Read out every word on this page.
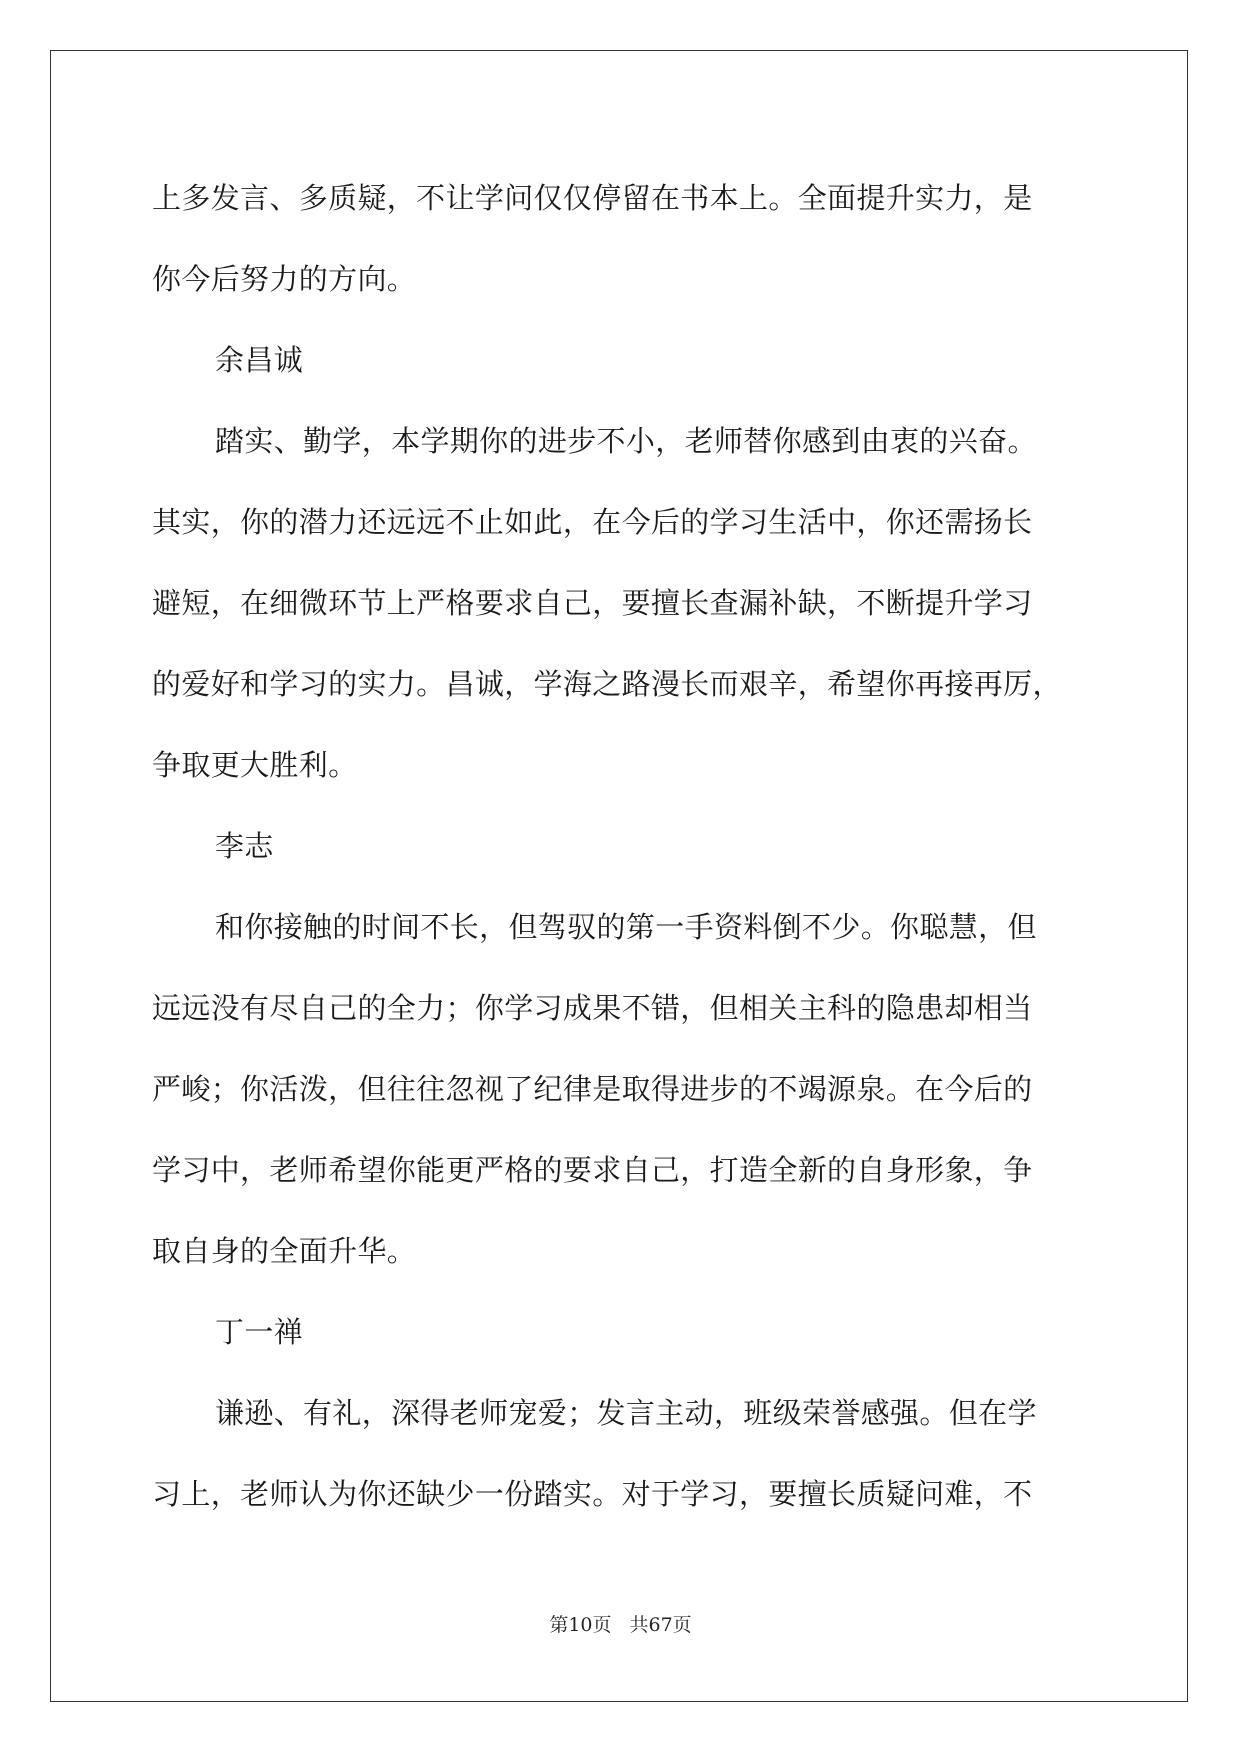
上多发言、多质疑，不让学问仅仅停留在书本上。全面提升实力，是
你今后努力的方向。
余昌诚
踏实、勤学，本学期你的进步不小，老师替你感到由衷的兴奋。
其实，你的潜力还远远不止如此，在今后的学习生活中，你还需扬长
避短，在细微环节上严格要求自己，要擅长查漏补缺，不断提升学习
的爱好和学习的实力。昌诚，学海之路漫长而艰辛，希望你再接再厉，
争取更大胜利。
李志
和你接触的时间不长，但驾驭的第一手资料倒不少。你聪慧，但
远远没有尽自己的全力；你学习成果不错，但相关主科的隐患却相当
严峻；你活泼，但往往忽视了纪律是取得进步的不竭源泉。在今后的
学习中，老师希望你能更严格的要求自己，打造全新的自身形象，争
取自身的全面升华。
丁一禅
谦逊、有礼，深得老师宠爱；发言主动，班级荣誉感强。但在学
习上，老师认为你还缺少一份踏实。对于学习，要擅长质疑问难，不
第10页 共67页
